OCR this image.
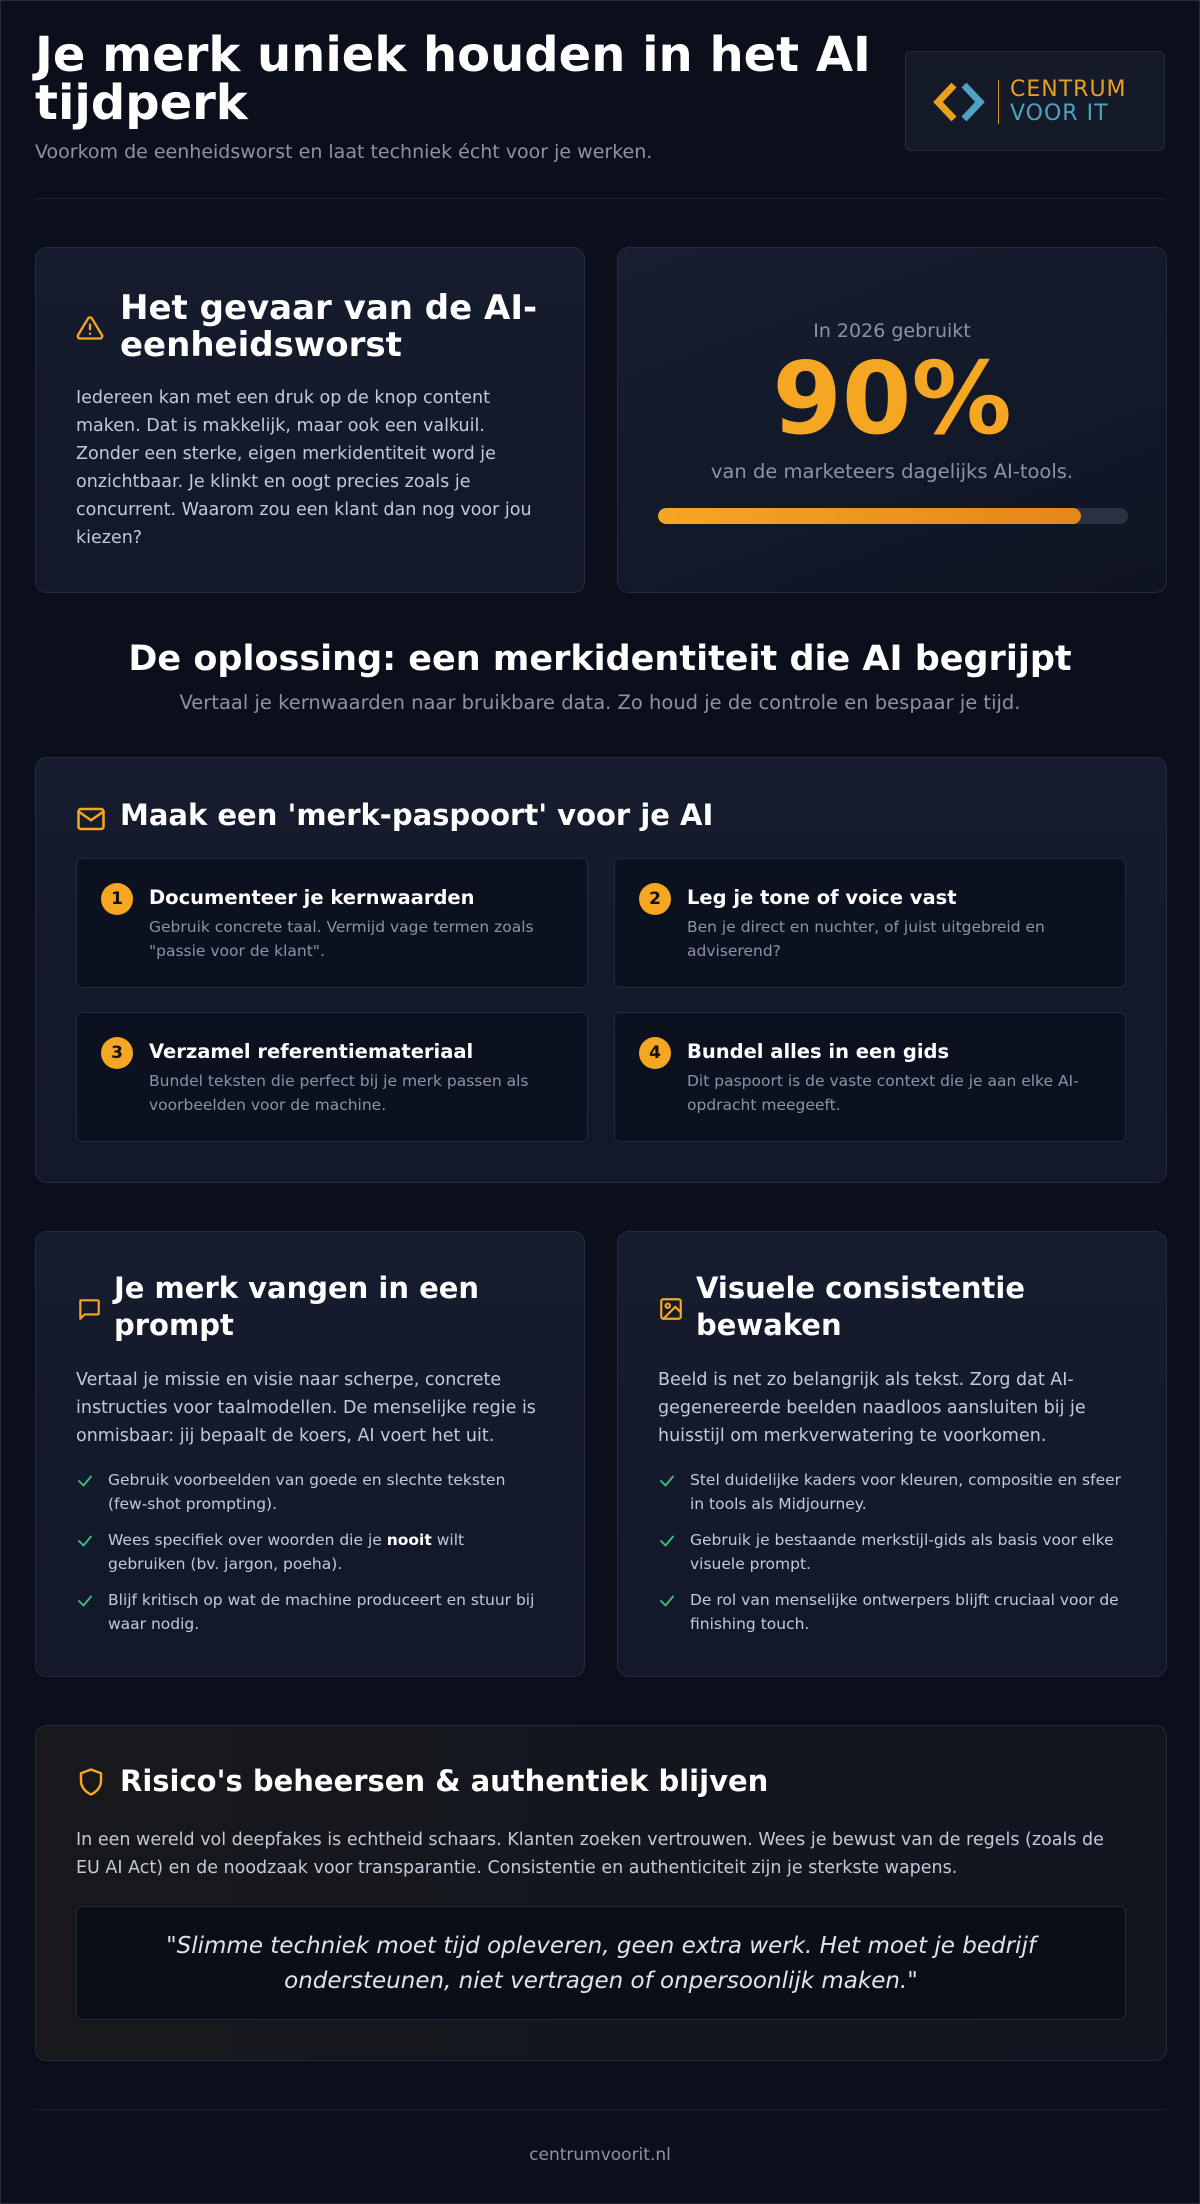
Je merk uniek houden in het AI tijdperk

Voorkom de eenheidsworst en laat techniek écht voor je werken.

CENTRUM
VOOR IT
Het gevaar van de AI-eenheidsworst

Iedereen kan met een druk op de knop content maken. Dat is makkelijk, maar ook een valkuil. Zonder een sterke, eigen merkidentiteit word je onzichtbaar. Je klinkt en oogt precies zoals je concurrent. Waarom zou een klant dan nog voor jou kiezen?

In 2026 gebruikt
90%
van de marketeers dagelijks AI-tools.
De oplossing: een merkidentiteit die AI begrijpt

Vertaal je kernwaarden naar bruikbare data. Zo houd je de controle en bespaar je tijd.

Maak een 'merk-paspoort' voor je AI
1	Documenteer je kernwaarden
Gebruik concrete taal. Vermijd vage termen zoals "passie voor de klant".
2	Leg je tone of voice vast
Ben je direct en nuchter, of juist uitgebreid en adviserend?
3	Verzamel referentiemateriaal
Bundel teksten die perfect bij je merk passen als voorbeelden voor de machine.
4	Bundel alles in een gids
Dit paspoort is de vaste context die je aan elke AI-opdracht meegeeft.
Je merk vangen in een prompt

Vertaal je missie en visie naar scherpe, concrete instructies voor taalmodellen. De menselijke regie is onmisbaar: jij bepaalt de koers, AI voert het uit.

Gebruik voorbeelden van goede en slechte teksten (few-shot prompting).
Wees specifiek over woorden die je nooit wilt gebruiken (bv. jargon, poeha).
Blijf kritisch op wat de machine produceert en stuur bij waar nodig.
Visuele consistentie bewaken

Beeld is net zo belangrijk als tekst. Zorg dat AI-gegenereerde beelden naadloos aansluiten bij je huisstijl om merkverwatering te voorkomen.

Stel duidelijke kaders voor kleuren, compositie en sfeer in tools als Midjourney.
Gebruik je bestaande merkstijl-gids als basis voor elke visuele prompt.
De rol van menselijke ontwerpers blijft cruciaal voor de finishing touch.
Risico's beheersen & authentiek blijven

In een wereld vol deepfakes is echtheid schaars. Klanten zoeken vertrouwen. Wees je bewust van de regels (zoals de EU AI Act) en de noodzaak voor transparantie. Consistentie en authenticiteit zijn je sterkste wapens.

"Slimme techniek moet tijd opleveren, geen extra werk. Het moet je bedrijf ondersteunen, niet vertragen of onpersoonlijk maken."

centrumvoorit.nl
